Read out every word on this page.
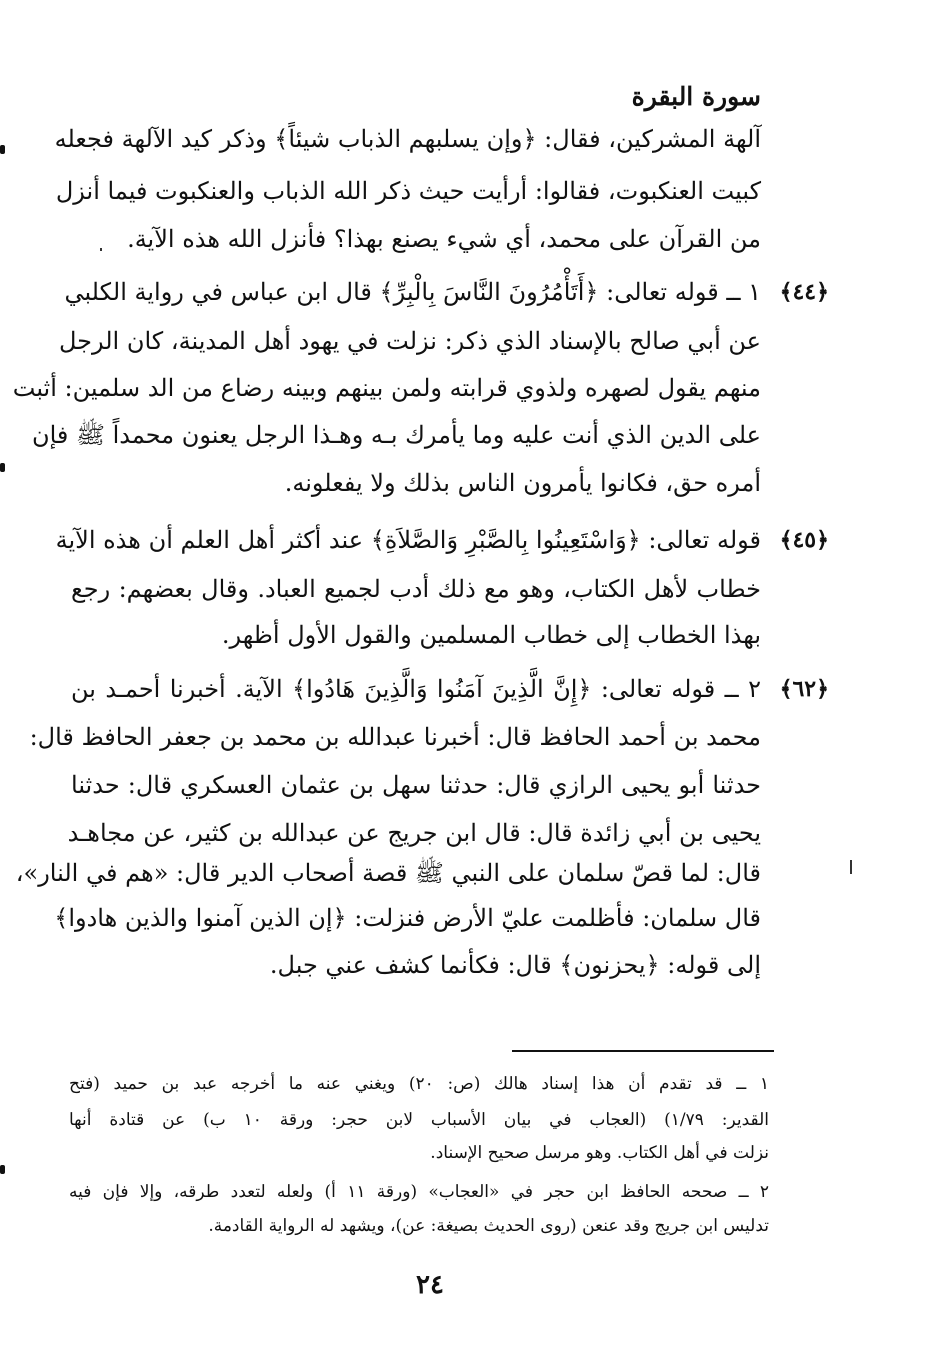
سورة البقرة
آلهة المشركين، فقال: ﴿وإن يسلبهم الذباب شيئاً﴾ وذكر كيد الآلهة فجعله
كبيت العنكبوت، فقالوا: أرأيت حيث ذكر الله الذباب والعنكبوت فيما أنزل
من القرآن على محمد، أي شيء يصنع بهذا؟ فأنزل الله هذه الآية.
﴿٤٤﴾
١ ــ قوله تعالى: ﴿أَتَأْمُرُونَ النَّاسَ بِالْبِرِّ﴾ قال ابن عباس في رواية الكلبي
عن أبي صالح بالإسناد الذي ذكر: نزلت في يهود أهل المدينة، كان الرجل
منهم يقول لصهره ولذوي قرابته ولمن بينهم وبينه رضاع من الد سلمين: أثبت
على الدين الذي أنت عليه وما يأمرك بـه وهـذا الرجل يعنون محمداً ﷺ فإن
أمره حق، فكانوا يأمرون الناس بذلك ولا يفعلونه.
﴿٤٥﴾
قوله تعالى: ﴿وَاسْتَعِينُوا بِالصَّبْرِ وَالصَّلاَةِ﴾ عند أكثر أهل العلم أن هذه الآية
خطاب لأهل الكتاب، وهو مع ذلك أدب لجميع العباد. وقال بعضهم: رجع
بهذا الخطاب إلى خطاب المسلمين والقول الأول أظهر.
﴿٦٢﴾
٢ ــ قوله تعالى: ﴿إِنَّ الَّذِينَ آمَنُوا وَالَّذِينَ هَادُوا﴾ الآية. أخبرنا أحمـد بن
محمد بن أحمد الحافظ قال: أخبرنا عبدالله بن محمد بن جعفر الحافظ قال:
حدثنا أبو يحيى الرازي قال: حدثنا سهل بن عثمان العسكري قال: حدثنا
يحيى بن أبي زائدة قال: قال ابن جريج عن عبدالله بن كثير، عن مجاهـد
قال: لما قصّ سلمان على النبي ﷺ قصة أصحاب الدير قال: «هم في النار»،
قال سلمان: فأظلمت عليّ الأرض فنزلت: ﴿إن الذين آمنوا والذين هادوا﴾
إلى قوله: ﴿يحزنون﴾ قال: فكأنما كشف عني جبل.
١ ــ قد تقدم أن هذا إسناد هالك (ص: ٢٠) ويغني عنه ما أخرجه عبد بن حميد (فتح
القدير: ١/٧٩) (العجاب في بيان الأسباب لابن حجر: ورقة ١٠ ب) عن قتادة أنها
نزلت في أهل الكتاب. وهو مرسل صحيح الإسناد.
٢ ــ صححه الحافظ ابن حجر في «العجاب» (ورقة ١١ أ) ولعله لتعدد طرقه، وإلا فإن فيه
تدليس ابن جريج وقد عنعن (روى الحديث بصيغة: عن)، ويشهد له الرواية القادمة.
٢٤
